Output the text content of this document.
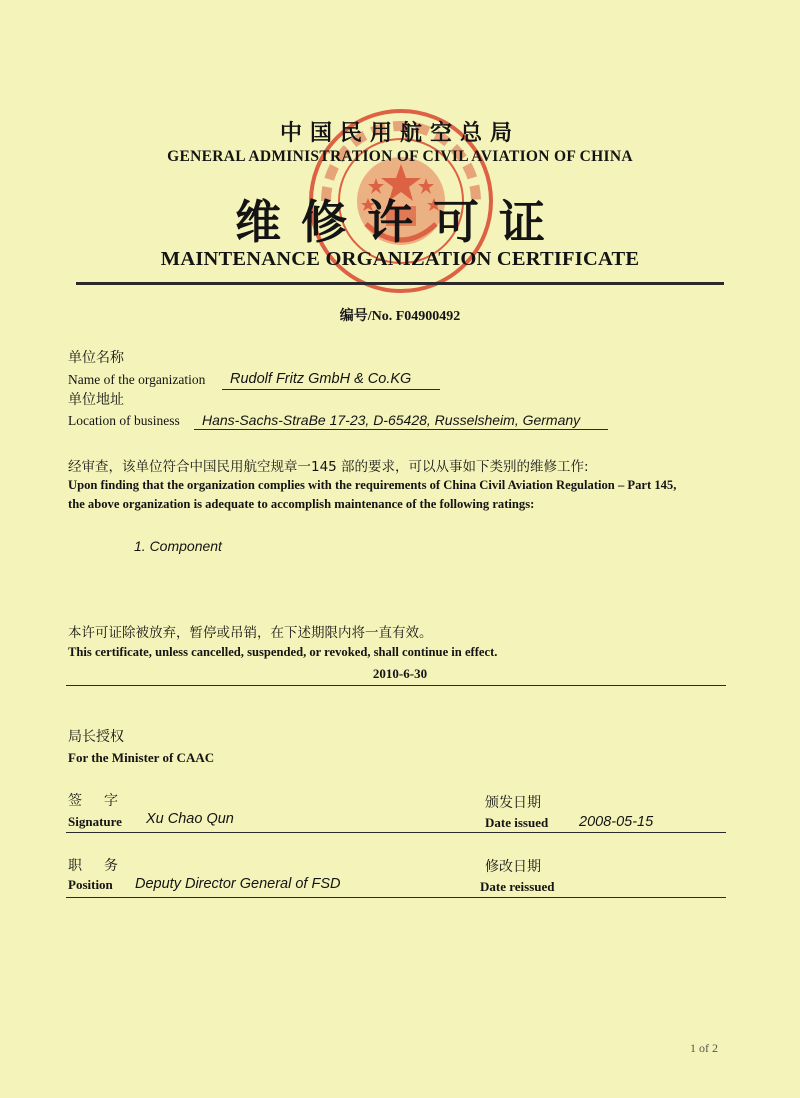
中国民用航空总局
GENERAL ADMINISTRATION OF CIVIL AVIATION OF CHINA
维修许可证
MAINTENANCE ORGANIZATION CERTIFICATE
编号/No. F04900492
单位名称
Name of the organization Rudolf Fritz GmbH & Co.KG
单位地址
Location of business Hans-Sachs-StraBe 17-23, D-65428, Russelsheim, Germany
经审查，该单位符合中国民用航空规章一145 部的要求，可以从事如下类别的维修工作:
Upon finding that the organization complies with the requirements of China Civil Aviation Regulation – Part 145,
the above organization is adequate to accomplish maintenance of the following ratings:
1. Component
本许可证除被放弃，暂停或吊销，在下述期限内将一直有效。
This certificate, unless cancelled, suspended, or revoked, shall continue in effect.
2010-6-30
局长授权
For the Minister of CAAC
签　字
Signature Xu Chao Qun
颁发日期
Date issued 2008-05-15
职　务
Position Deputy Director General of FSD
修改日期
Date reissued
1 of 2
